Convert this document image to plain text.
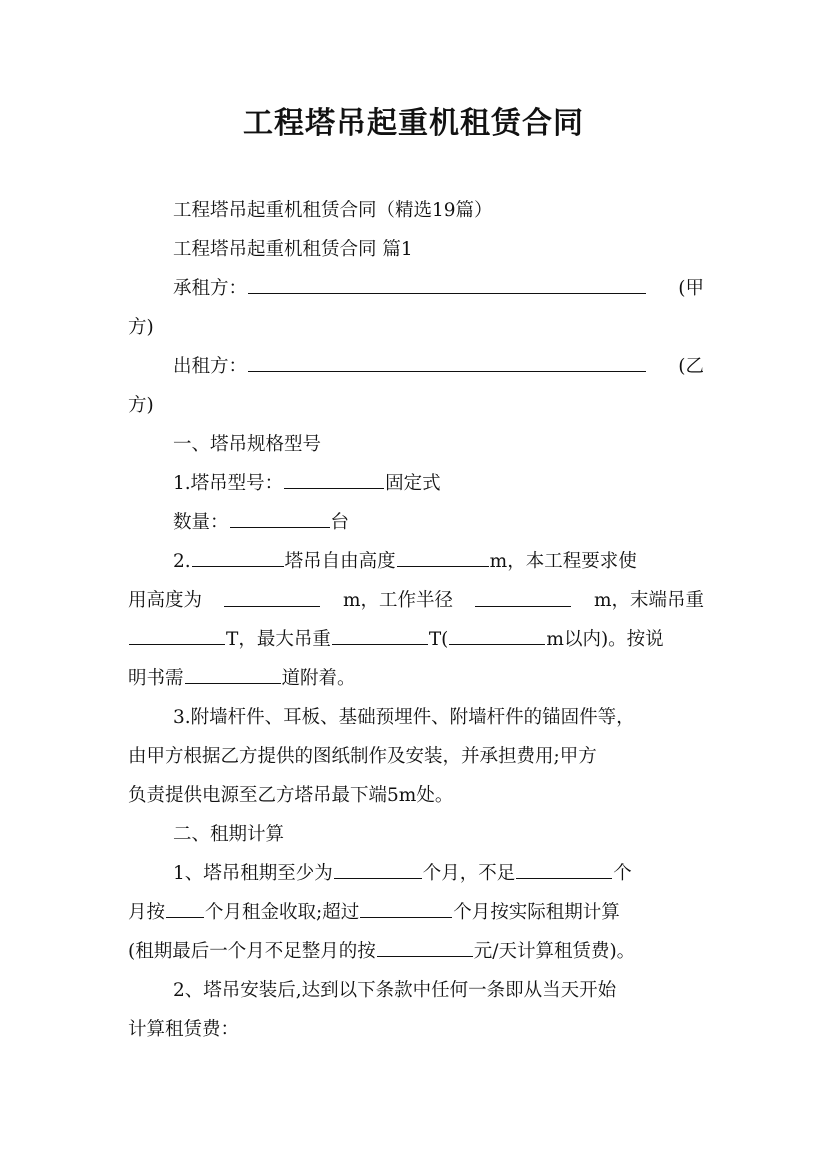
工程塔吊起重机租赁合同
工程塔吊起重机租赁合同（精选19篇）
工程塔吊起重机租赁合同 篇1
承租方：	(甲
方)
出租方：	(乙
方)
一、塔吊规格型号
1.塔吊型号：	固定式
数量：	台
2.	塔吊自由高度	m，本工程要求使
用高度为	m，工作半径	m，末端吊重
T，最大吊重	T(	m以内)。按说
明书需	道附着。
3.附墙杆件、耳板、基础预埋件、附墙杆件的锚固件等，
由甲方根据乙方提供的图纸制作及安装，并承担费用;甲方
负责提供电源至乙方塔吊最下端5m处。
二、租期计算
1、塔吊租期至少为	个月，不足	个
月按 个月租金收取;超过	个月按实际租期计算
(租期最后一个月不足整月的按	元/天计算租赁费)。
2、塔吊安装后,达到以下条款中任何一条即从当天开始
计算租赁费：
